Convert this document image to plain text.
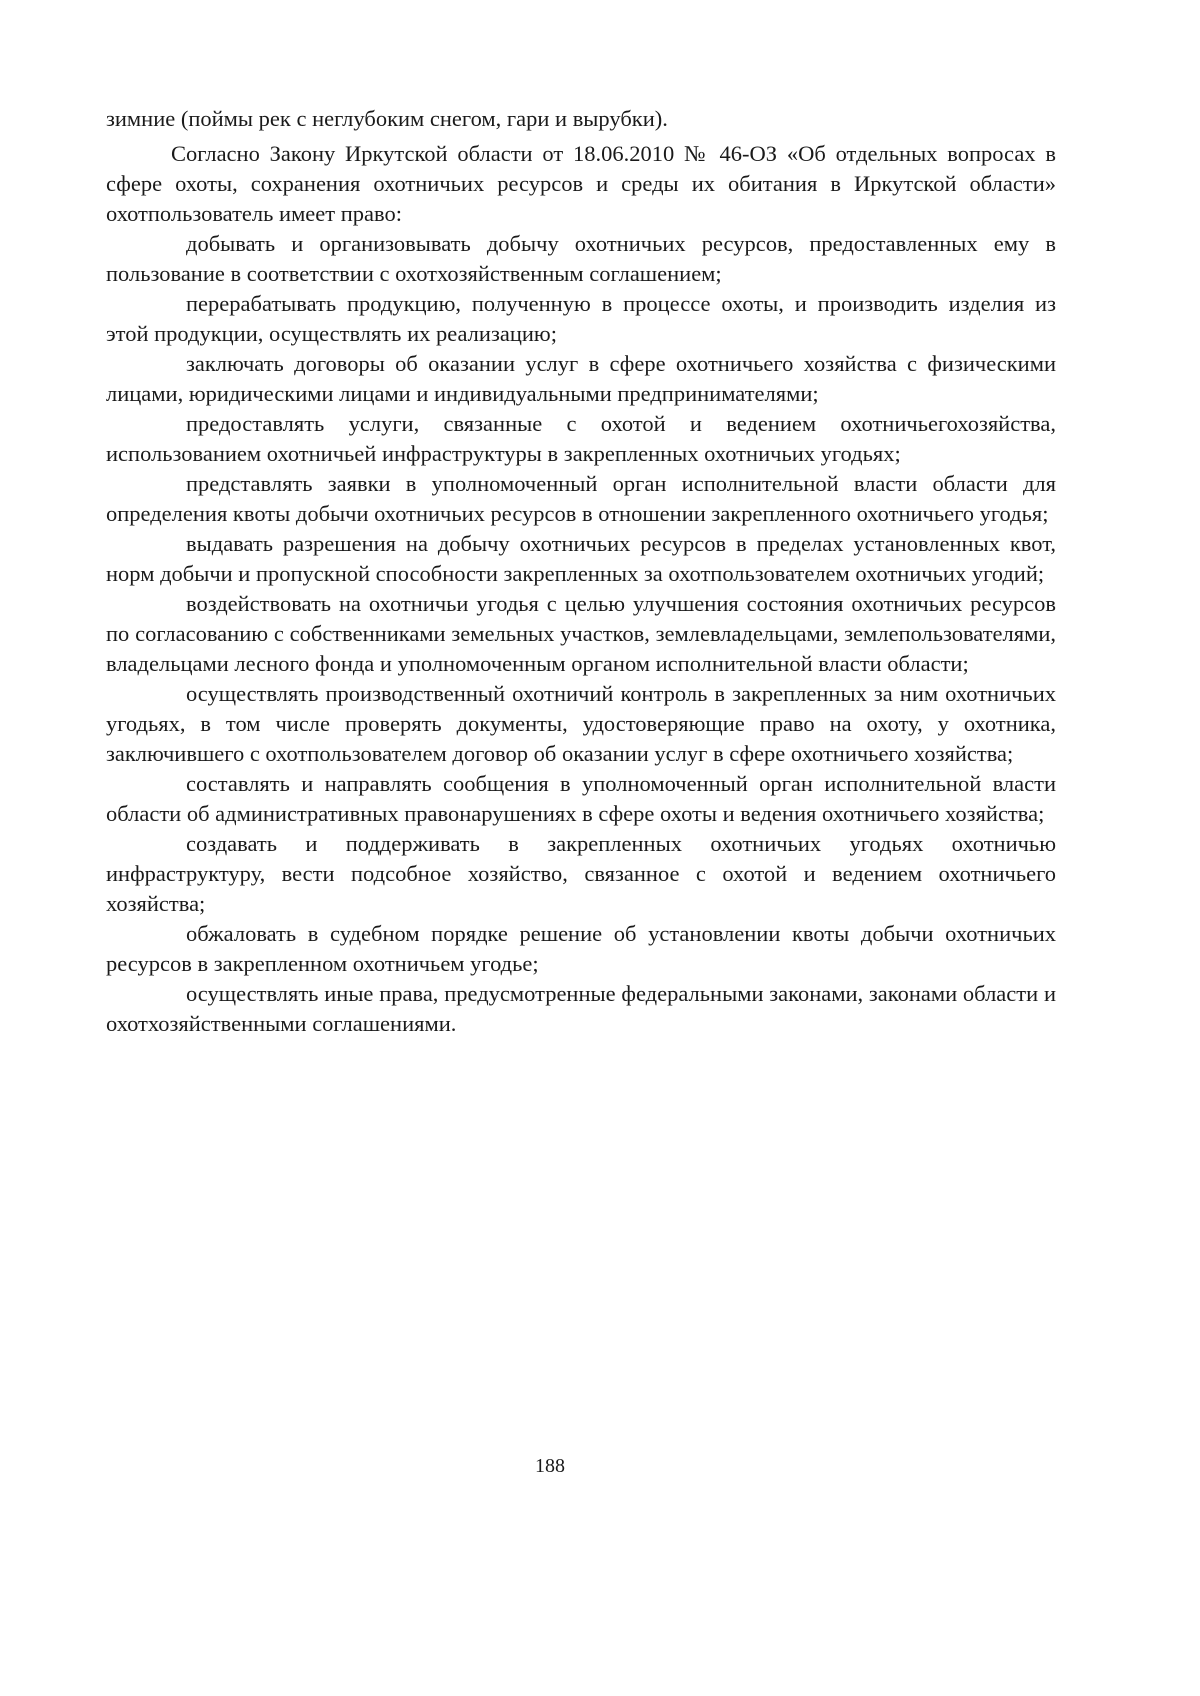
зимние (поймы рек с неглубоким снегом, гари и вырубки).

Согласно Закону Иркутской области от 18.06.2010 № 46-ОЗ «Об отдельных вопросах в сфере охоты, сохранения охотничьих ресурсов и среды их обитания в Иркутской области» охотпользователь имеет право:

добывать и организовывать добычу охотничьих ресурсов, предоставленных ему в пользование в соответствии с охотхозяйственным соглашением;

перерабатывать продукцию, полученную в процессе охоты, и производить изделия из этой продукции, осуществлять их реализацию;

заключать договоры об оказании услуг в сфере охотничьего хозяйства с физическими лицами, юридическими лицами и индивидуальными предпринимателями;

предоставлять услуги, связанные с охотой и ведением охотничьегохозяйства, использованием охотничьей инфраструктуры в закрепленных охотничьих угодьях;

представлять заявки в уполномоченный орган исполнительной власти области для определения квоты добычи охотничьих ресурсов в отношении закрепленного охотничьего угодья;

выдавать разрешения на добычу охотничьих ресурсов в пределах установленных квот, норм добычи и пропускной способности закрепленных за охотпользователем охотничьих угодий;

воздействовать на охотничьи угодья с целью улучшения состояния охотничьих ресурсов по согласованию с собственниками земельных участков, землевладельцами, землепользователями, владельцами лесного фонда и уполномоченным органом исполнительной власти области;

осуществлять производственный охотничий контроль в закрепленных за ним охотничьих угодьях, в том числе проверять документы, удостоверяющие право на охоту, у охотника, заключившего с охотпользователем договор об оказании услуг в сфере охотничьего хозяйства;

составлять и направлять сообщения в уполномоченный орган исполнительной власти области об административных правонарушениях в сфере охоты и ведения охотничьего хозяйства;

создавать и поддерживать в закрепленных охотничьих угодьях охотничью инфраструктуру, вести подсобное хозяйство, связанное с охотой и ведением охотничьего хозяйства;

обжаловать в судебном порядке решение об установлении квоты добычи охотничьих ресурсов в закрепленном охотничьем угодье;

осуществлять иные права, предусмотренные федеральными законами, законами области и охотхозяйственными соглашениями.

188
